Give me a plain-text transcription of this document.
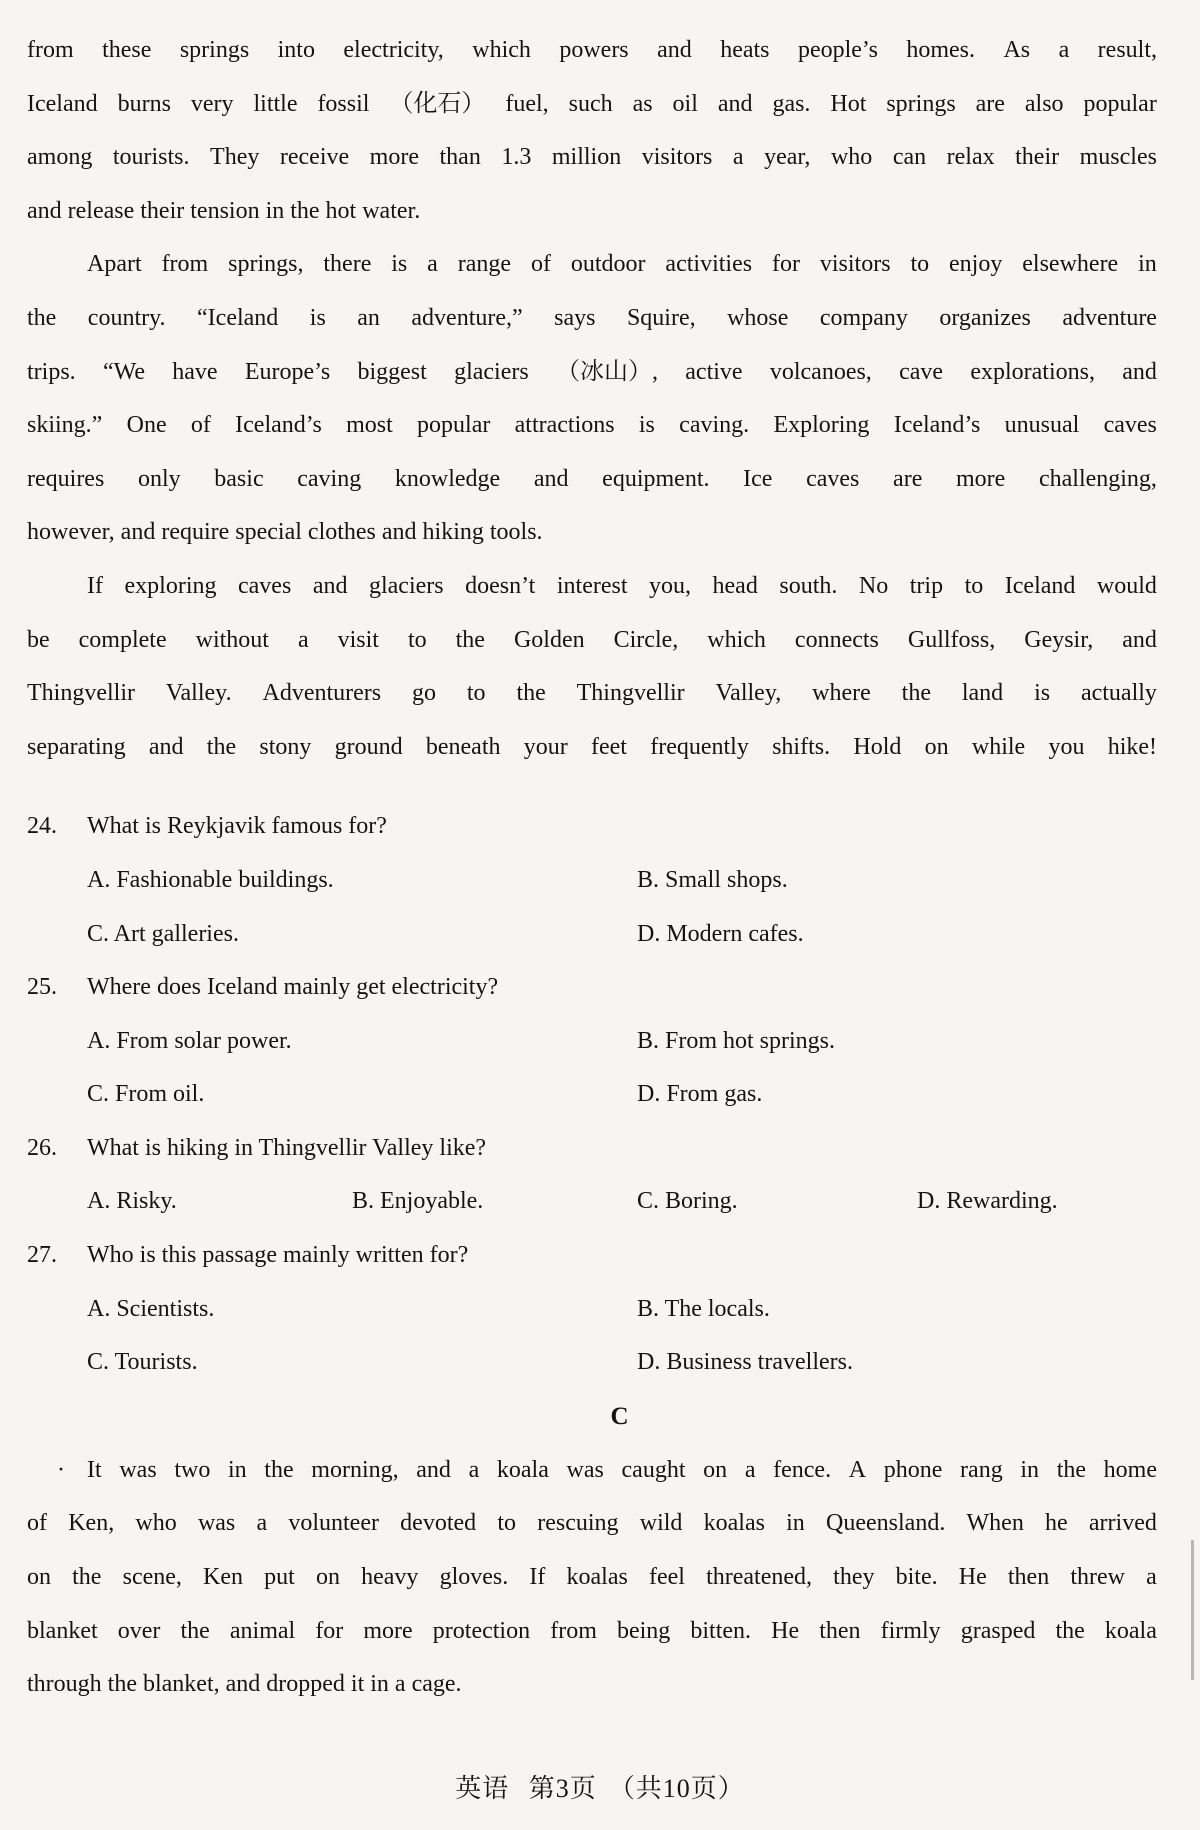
from these springs into electricity, which powers and heats people’s homes. As a result,
Iceland burns very little fossil （化石） fuel, such as oil and gas. Hot springs are also popular
among tourists. They receive more than 1.3 million visitors a year, who can relax their muscles
and release their tension in the hot water.
Apart from springs, there is a range of outdoor activities for visitors to enjoy elsewhere in
the country. “Iceland is an adventure,” says Squire, whose company organizes adventure
trips. “We have Europe’s biggest glaciers （冰山）, active volcanoes, cave explorations, and
skiing.” One of Iceland’s most popular attractions is caving. Exploring Iceland’s unusual caves
requires only basic caving knowledge and equipment. Ice caves are more challenging,
however, and require special clothes and hiking tools.
If exploring caves and glaciers doesn’t interest you, head south. No trip to Iceland would
be complete without a visit to the Golden Circle, which connects Gullfoss, Geysir, and
Thingvellir Valley. Adventurers go to the Thingvellir Valley, where the land is actually
separating and the stony ground beneath your feet frequently shifts. Hold on while you hike!
24. What is Reykjavik famous for?
A. Fashionable buildings.	B. Small shops.
C. Art galleries.	D. Modern cafes.
25. Where does Iceland mainly get electricity?
A. From solar power.	B. From hot springs.
C. From oil.	D. From gas.
26. What is hiking in Thingvellir Valley like?
A. Risky.	B. Enjoyable.	C. Boring.	D. Rewarding.
27. Who is this passage mainly written for?
A. Scientists.	B. The locals.
C. Tourists.	D. Business travellers.
C
· It was two in the morning, and a koala was caught on a fence. A phone rang in the home
of Ken, who was a volunteer devoted to rescuing wild koalas in Queensland. When he arrived
on the scene, Ken put on heavy gloves. If koalas feel threatened, they bite. He then threw a
blanket over the animal for more protection from being bitten. He then firmly grasped the koala
through the blanket, and dropped it in a cage.
英语 第3页 （共10页）
